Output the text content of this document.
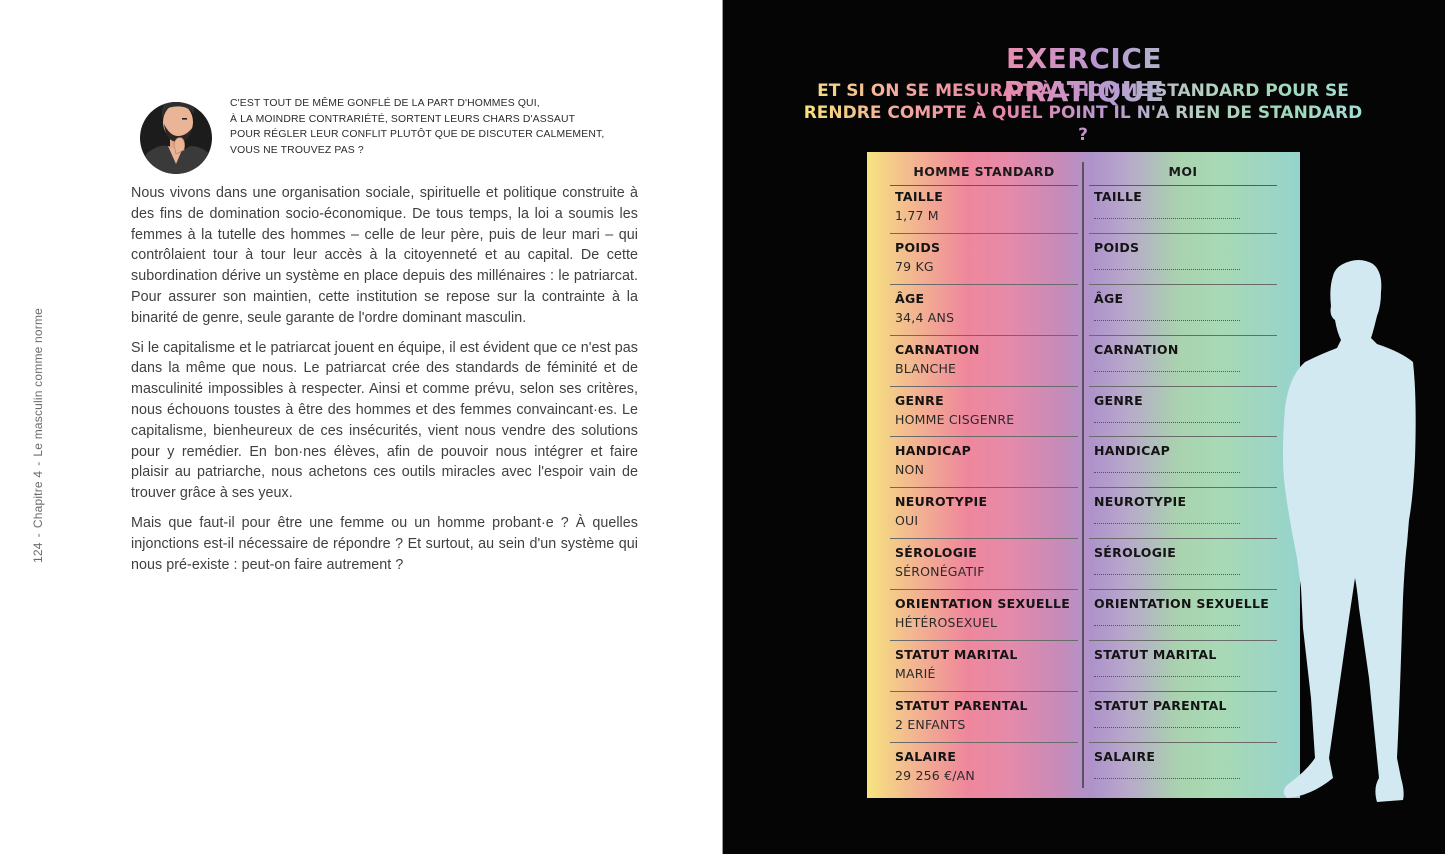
124-Chapitre 4-Le masculin comme norme
C'EST TOUT DE MÊME GONFLÉ DE LA PART D'HOMMES QUI,
À LA MOINDRE CONTRARIÉTÉ, SORTENT LEURS CHARS D'ASSAUT
POUR RÉGLER LEUR CONFLIT PLUTÔT QUE DE DISCUTER CALMEMENT,
VOUS NE TROUVEZ PAS ?

Nous vivons dans une organisation sociale, spirituelle et politique construite à des fins de domination socio-économique. De tous temps, la loi a soumis les femmes à la tutelle des hommes – celle de leur père, puis de leur mari – qui contrôlaient tour à tour leur accès à la citoyenneté et au capital. De cette subordination dérive un système en place depuis des millénaires : le patriarcat. Pour assurer son maintien, cette institution se repose sur la contrainte à la binarité de genre, seule garante de l'ordre dominant masculin.

Si le capitalisme et le patriarcat jouent en équipe, il est évident que ce n'est pas dans la même que nous. Le patriarcat crée des standards de féminité et de masculinité impossibles à respecter. Ainsi et comme prévu, selon ses critères, nous échouons toustes à être des hommes et des femmes convaincant·es. Le capitalisme, bienheureux de ces insécurités, vient nous vendre des solutions pour y remédier. En bon·nes élèves, afin de pouvoir nous intégrer et faire plaisir au patriarche, nous achetons ces outils miracles avec l'espoir vain de trouver grâce à ses yeux.

Mais que faut-il pour être une femme ou un homme probant·e ? À quelles injonctions est-il nécessaire de répondre ? Et surtout, au sein d'un système qui nous pré-existe : peut-on faire autrement ?

EXERCICE
ET SI ON SE MESURAIT À L'HOMME STANDARD POUR SE
RENDRE COMPTE À QUEL POINT IL N'A RIEN DE STANDARD ?
HOMME STANDARD
TAILLE
1,77 M
POIDS
79 KG
ÂGE
34,4 ANS
CARNATION
BLANCHE
GENRE
HOMME CISGENRE
HANDICAP
NON
NEUROTYPIE
OUI
SÉROLOGIE
SÉRONÉGATIF
ORIENTATION SEXUELLE
HÉTÉROSEXUEL
STATUT MARITAL
MARIÉ
STATUT PARENTAL
2 ENFANTS
SALAIRE
29 256 €/AN
MOI
TAILLE
POIDS
ÂGE
CARNATION
GENRE
HANDICAP
NEUROTYPIE
SÉROLOGIE
ORIENTATION SEXUELLE
STATUT MARITAL
STATUT PARENTAL
SALAIRE
